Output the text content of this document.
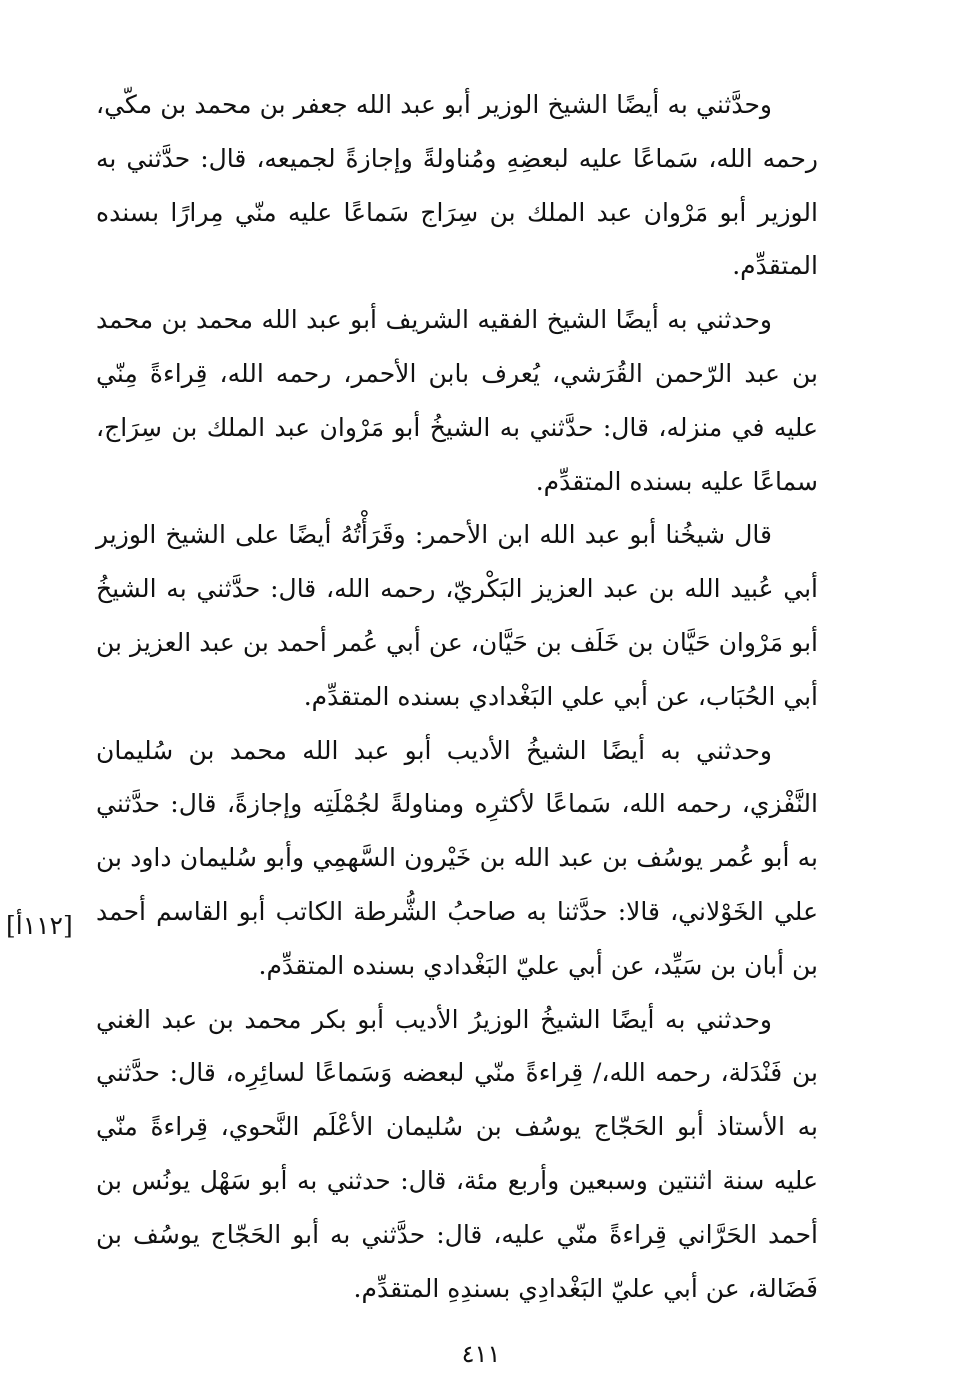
وحدَّثني به أيضًا الشيخ الوزير أبو عبد الله جعفر بن محمد بن مكّي، رحمه الله، سَماعًا عليه لبعضِهِ ومُناولةً وإجازةً لجميعه، قال: حدَّثني به الوزير أبو مَرْوان عبد الملك بن سِرَاج سَماعًا عليه منّي مِرارًا بسنده المتقدِّم.

وحدثني به أيضًا الشيخ الفقيه الشريف أبو عبد الله محمد بن محمد بن عبد الرّحمن القُرَشي، يُعرف بابن الأحمر، رحمه الله، قِراءةً مِنّي عليه في منزله، قال: حدَّثني به الشيخُ أبو مَرْوان عبد الملك بن سِرَاج، سماعًا عليه بسنده المتقدِّم.

قال شيخُنا أبو عبد الله ابن الأحمر: وقَرَأْتُهُ أيضًا على الشيخ الوزير أبي عُبيد الله بن عبد العزيز البَكْريّ، رحمه الله، قال: حدَّثني به الشيخُ أبو مَرْوان حَيَّان بن خَلَف بن حَيَّان، عن أبي عُمر أحمد بن عبد العزيز بن أبي الحُبَاب، عن أبي علي البَغْدادي بسنده المتقدِّم.

وحدثني به أيضًا الشيخُ الأديب أبو عبد الله محمد بن سُليمان النَّفْزي، رحمه الله، سَماعًا لأكثرِه ومناولةً لجُمْلَتِه وإجازةً، قال: حدَّثني به أبو عُمر يوسُف بن عبد الله بن خَيْرون السَّهمِي وأبو سُليمان داود بن علي الخَوْلاني، قالا: حدَّثنا به صاحبُ الشُّرطة الكاتب أبو القاسم أحمد بن أبان بن سَيِّد، عن أبي عليّ البَغْدادي بسنده المتقدِّم.

وحدثني به أيضًا الشيخُ الوزيرُ الأديب أبو بكر محمد بن عبد الغني بن فَنْدَلة، رحمه الله،/ قِراءةً منّي لبعضه وَسَماعًا لسائِرِه، قال: حدَّثني به الأستاذ أبو الحَجّاج يوسُف بن سُليمان الأعْلَم النَّحوي، قِراءةً منّي عليه سنة اثنتين وسبعين وأربع مئة، قال: حدثني به أبو سَهْل يونُس بن أحمد الحَرَّاني قِراءةً منّي عليه، قال: حدَّثني به أبو الحَجّاج يوسُف بن فَضَالة، عن أبي عليّ البَغْدادِي بسندِهِ المتقدِّم.

[١١٢أ]
٤١١
